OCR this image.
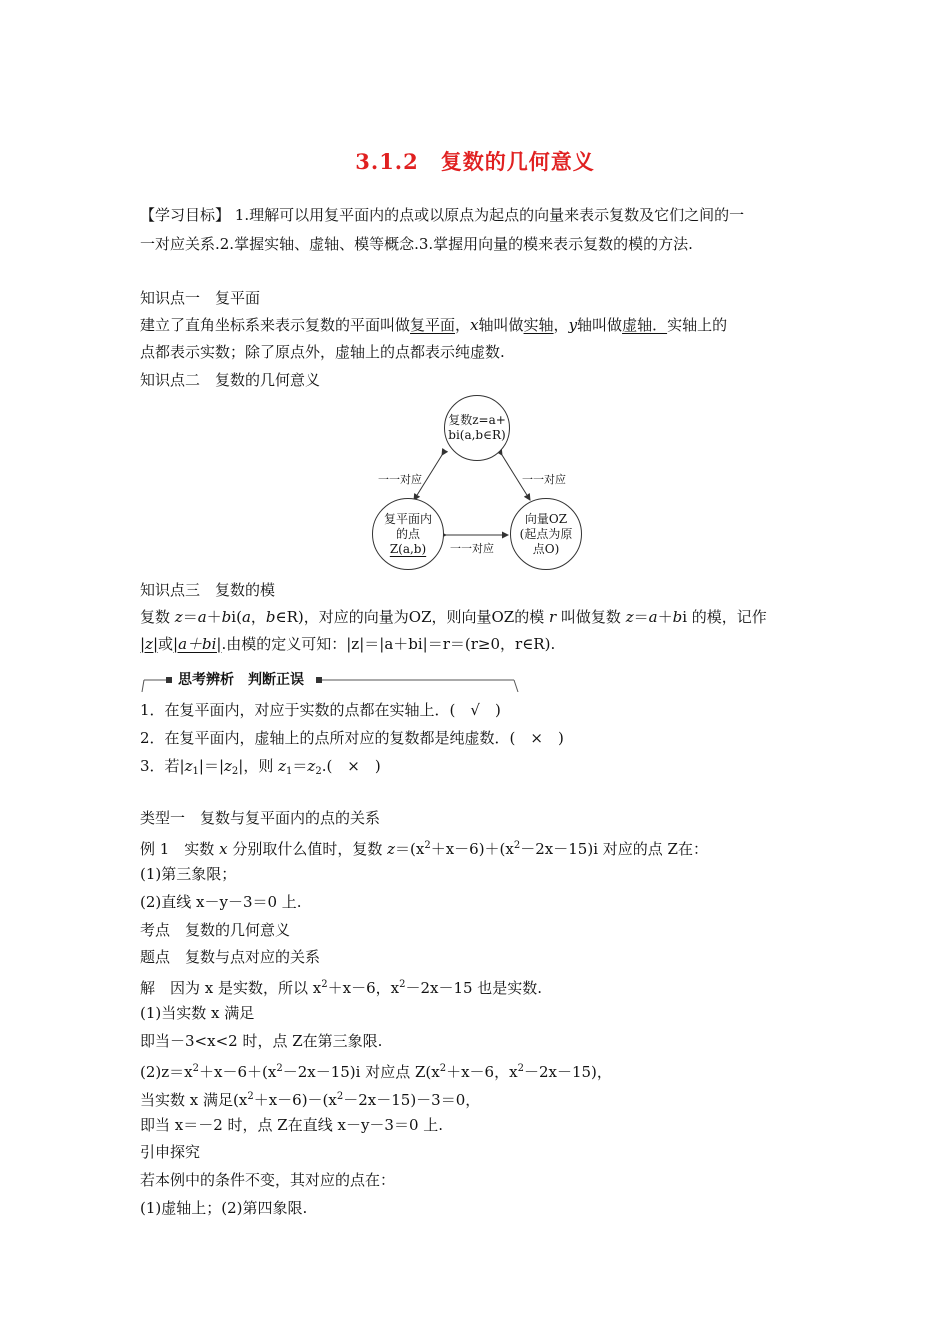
3.1.2　复数的几何意义
【学习目标】 1.理解可以用复平面内的点或以原点为起点的向量来表示复数及它们之间的一
一对应关系.2.掌握实轴、虚轴、模等概念.3.掌握用向量的模来表示复数的模的方法.
知识点一　复平面
建立了直角坐标系来表示复数的平面叫做复平面，x轴叫做实轴，y轴叫做虚轴．实轴上的
点都表示实数；除了原点外，虚轴上的点都表示纯虚数.
知识点二　复数的几何意义
复数z=a+
bi(a,b∈R)
复平面内
的点
Z(a,b)
向量OZ
(起点为原
点O)
一一对应	一一对应
一一对应
知识点三　复数的模
复数 z＝a＋bi(a，b∈R)，对应的向量为OZ，则向量OZ的模 r 叫做复数 z＝a＋bi 的模，记作
|z|或|a＋bi|.由模的定义可知：|z|＝|a＋bi|＝r＝(r≥0，r∈R).
思考辨析　判断正误
1．在复平面内，对应于实数的点都在实轴上．(　√　)
2．在复平面内，虚轴上的点所对应的复数都是纯虚数．(　×　)
3．若$|z_1|=|z_2|$，则 $z_1=z_2$.(　×　)
类型一　复数与复平面内的点的关系
例 1　实数 x 分别取什么值时，复数 $z=(x^2+x-6)+(x^2-2x-15)i$ 对应的点 Z在：
(1)第三象限；
(2)直线 x－y－3＝0 上.
考点　复数的几何意义
题点　复数与点对应的关系
解　因为 x 是实数，所以 $x^2+x-6$，$x^2-2x-15$ 也是实数.
(1)当实数 x 满足
即当－3<x<2 时，点 Z在第三象限.
$(2)z=x^2+x-6+(x^2-2x-15)i$ 对应点 $Z(x^2+x-6$，$x^2-2x-15$)，
当实数 x 满足$(x^2+x-6)-(x^2-2x-15)-3=0$，
即当 x＝－2 时，点 Z在直线 x－y－3＝0 上.
引申探究
若本例中的条件不变，其对应的点在：
(1)虚轴上；(2)第四象限.
